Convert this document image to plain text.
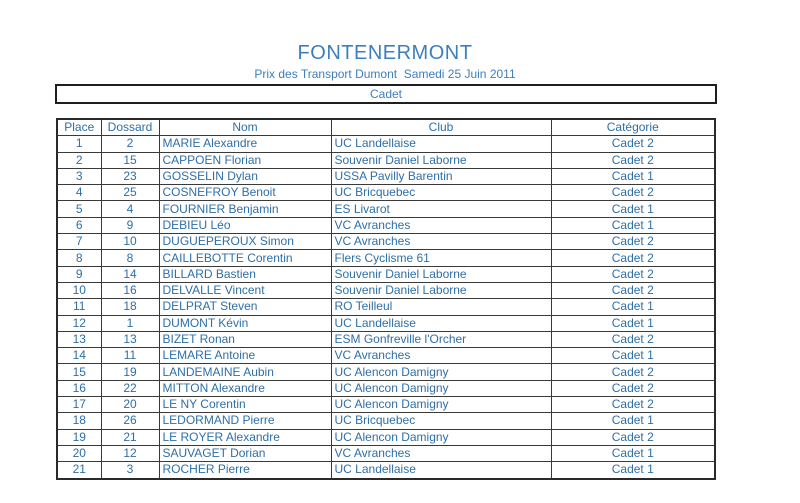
FONTENERMONT
Prix des Transport Dumont  Samedi 25 Juin 2011
Cadet
Place	Dossard	Nom	Club	Catégorie
1	2	MARIE Alexandre	UC Landellaise	Cadet 2
2	15	CAPPOEN Florian	Souvenir Daniel Laborne	Cadet 2
3	23	GOSSELIN Dylan	USSA Pavilly Barentin	Cadet 1
4	25	COSNEFROY Benoit	UC Bricquebec	Cadet 2
5	4	FOURNIER Benjamin	ES Livarot	Cadet 1
6	9	DEBIEU Léo	VC Avranches	Cadet 1
7	10	DUGUEPEROUX Simon	VC Avranches	Cadet 2
8	8	CAILLEBOTTE Corentin	Flers Cyclisme 61	Cadet 2
9	14	BILLARD Bastien	Souvenir Daniel Laborne	Cadet 2
10	16	DELVALLE Vincent	Souvenir Daniel Laborne	Cadet 2
11	18	DELPRAT Steven	RO Teilleul	Cadet 1
12	1	DUMONT Kévin	UC Landellaise	Cadet 1
13	13	BIZET Ronan	ESM Gonfreville l'Orcher	Cadet 2
14	11	LEMARE Antoine	VC Avranches	Cadet 1
15	19	LANDEMAINE Aubin	UC Alencon Damigny	Cadet 2
16	22	MITTON Alexandre	UC Alencon Damigny	Cadet 2
17	20	LE NY Corentin	UC Alencon Damigny	Cadet 2
18	26	LEDORMAND Pierre	UC Bricquebec	Cadet 1
19	21	LE ROYER Alexandre	UC Alencon Damigny	Cadet 2
20	12	SAUVAGET Dorian	VC Avranches	Cadet 1
21	3	ROCHER Pierre	UC Landellaise	Cadet 1
